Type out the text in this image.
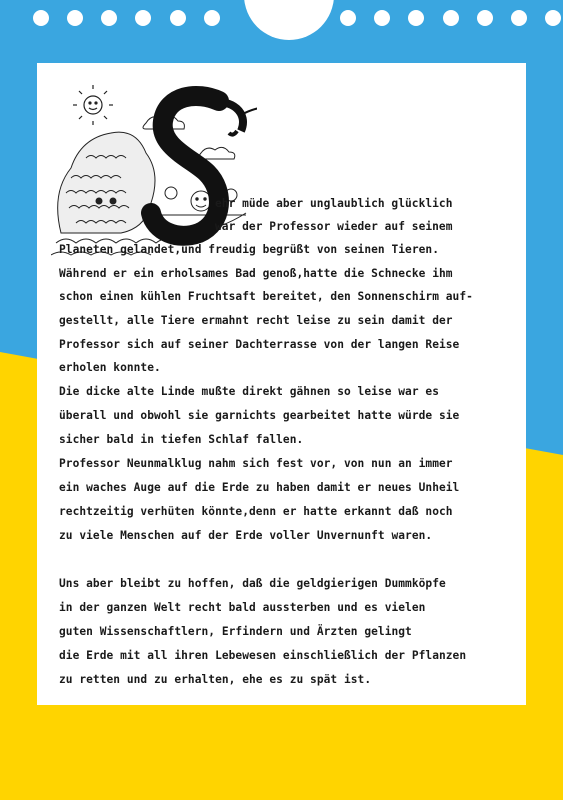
S
ehr müde aber unglaublich glücklich
war der Professor wieder auf seinem
Planeten gelandet,und freudig begrüßt von seinen Tieren.
Während er ein erholsames Bad genoß,hatte die Schnecke ihm
schon einen kühlen Fruchtsaft bereitet, den Sonnenschirm auf-
gestellt, alle Tiere ermahnt recht leise zu sein damit der
Professor sich auf seiner Dachterrasse von der langen Reise
erholen konnte.
Die dicke alte Linde mußte direkt gähnen so leise war es
überall und obwohl sie garnichts gearbeitet hatte würde sie
sicher bald in tiefen Schlaf fallen.
Professor Neunmalklug nahm sich fest vor, von nun an immer
ein waches Auge auf die Erde zu haben damit er neues Unheil
rechtzeitig verhüten könnte,denn er hatte erkannt daß noch
zu viele Menschen auf der Erde voller Unvernunft waren.
Uns aber bleibt zu hoffen, daß die geldgierigen Dummköpfe
in der ganzen Welt recht bald aussterben und es vielen
guten Wissenschaftlern, Erfindern und Ärzten gelingt
die Erde mit all ihren Lebewesen einschließlich der Pflanzen
zu retten und zu erhalten, ehe es zu spät ist.
